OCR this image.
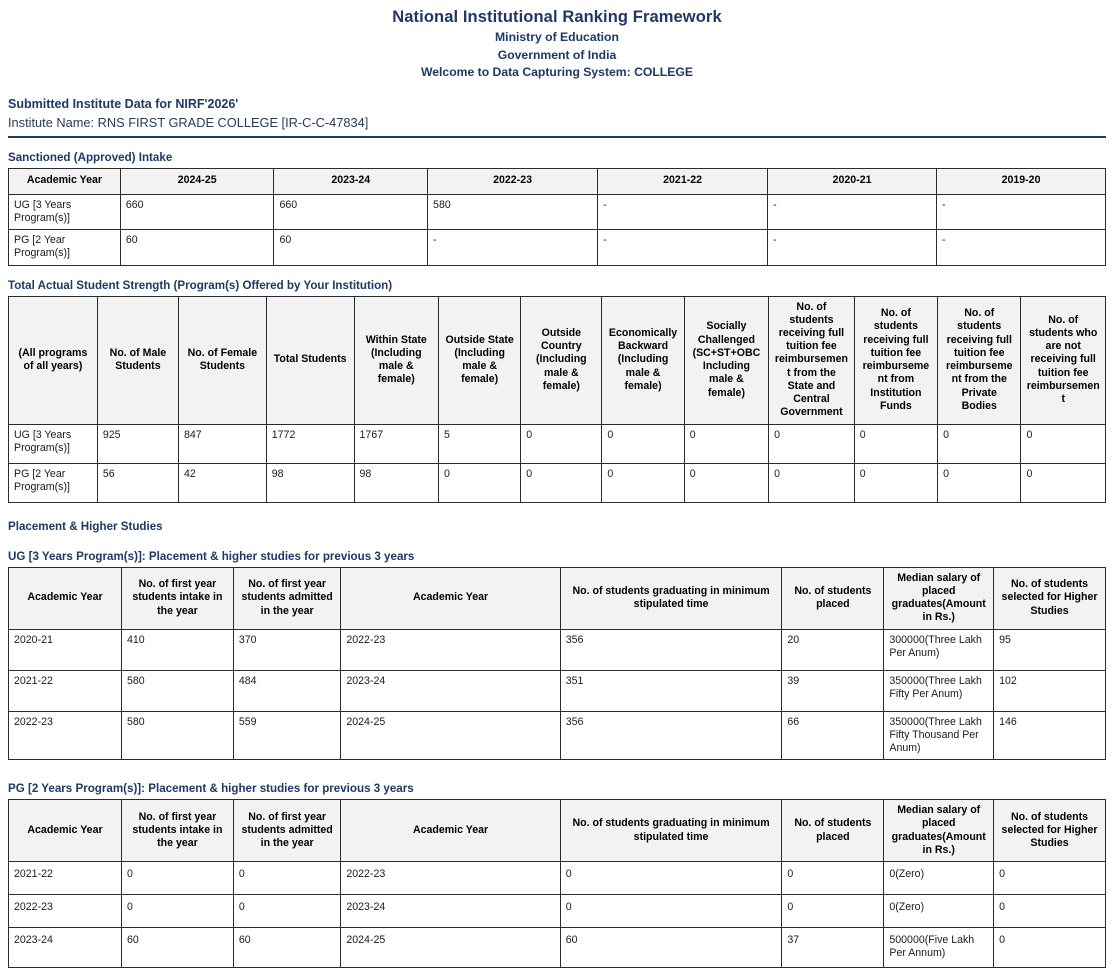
National Institutional Ranking Framework
Ministry of Education
Government of India
Welcome to Data Capturing System: COLLEGE
Submitted Institute Data for NIRF'2026'
Institute Name: RNS FIRST GRADE COLLEGE [IR-C-C-47834]
Sanctioned (Approved) Intake
Academic Year	2024-25	2023-24	2022-23	2021-22	2020-21	2019-20
UG [3 Years Program(s)]	660	660	580	-	-	-
PG [2 Year Program(s)]	60	60	-	-	-	-
Total Actual Student Strength (Program(s) Offered by Your Institution)
(All programs of all years)	No. of Male Students	No. of Female Students	Total Students	Within State (Including male & female)	Outside State (Including male & female)	Outside Country (Including male & female)	Economically Backward (Including male & female)	Socially Challenged (SC+ST+OBC Including male & female)	No. of students receiving full tuition fee reimbursement from the State and Central Government	No. of students receiving full tuition fee reimbursement from Institution Funds	No. of students receiving full tuition fee reimbursement from the Private Bodies	No. of students who are not receiving full tuition fee reimbursement
UG [3 Years Program(s)]	925	847	1772	1767	5	0	0	0	0	0	0	0
PG [2 Year Program(s)]	56	42	98	98	0	0	0	0	0	0	0	0
Placement & Higher Studies
UG [3 Years Program(s)]: Placement & higher studies for previous 3 years
Academic Year	No. of first year students intake in the year	No. of first year students admitted in the year	Academic Year	No. of students graduating in minimum stipulated time	No. of students placed	Median salary of placed graduates(Amount in Rs.)	No. of students selected for Higher Studies
2020-21	410	370	2022-23	356	20	300000(Three Lakh Per Anum)	95
2021-22	580	484	2023-24	351	39	350000(Three Lakh Fifty Per Anum)	102
2022-23	580	559	2024-25	356	66	350000(Three Lakh Fifty Thousand Per Anum)	146
PG [2 Years Program(s)]: Placement & higher studies for previous 3 years
Academic Year	No. of first year students intake in the year	No. of first year students admitted in the year	Academic Year	No. of students graduating in minimum stipulated time	No. of students placed	Median salary of placed graduates(Amount in Rs.)	No. of students selected for Higher Studies
2021-22	0	0	2022-23	0	0	0(Zero)	0
2022-23	0	0	2023-24	0	0	0(Zero)	0
2023-24	60	60	2024-25	60	37	500000(Five Lakh Per Annum)	0
